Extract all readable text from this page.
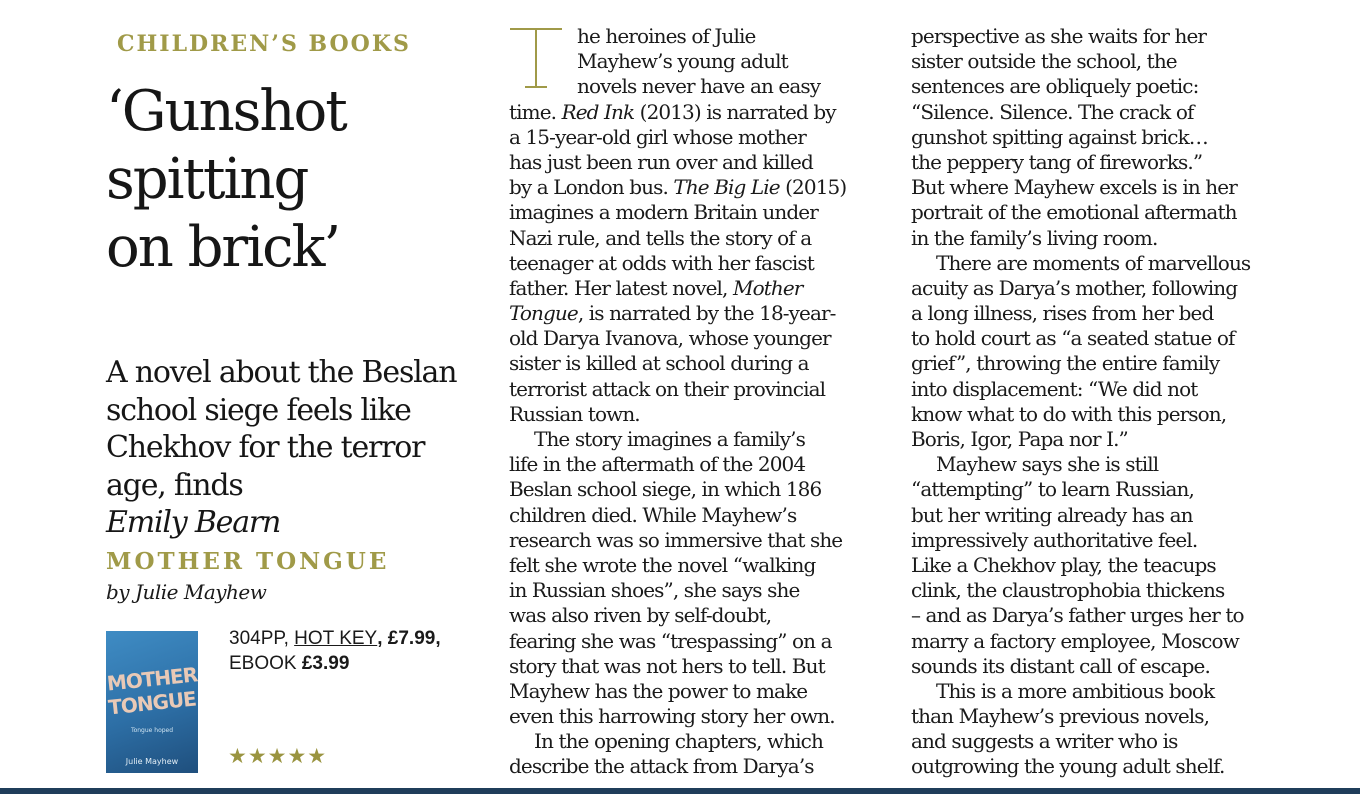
CHILDREN’S BOOKS
‘Gunshot
spitting
on brick’
A novel about the Beslan
school siege feels like
Chekhov for the terror
age, finds
Emily Bearn
MOTHER TONGUE
by Julie Mayhew
MOTHER
TONGUE
Tongue hoped
Julie Mayhew
304PP, HOT KEY, £7.99,
EBOOK £3.99
★★★★★
he heroines of Julie
Mayhew’s young adult
novels never have an easy
time. Red Ink (2013) is narrated by
a 15-year-old girl whose mother
has just been run over and killed
by a London bus. The Big Lie (2015)
imagines a modern Britain under
Nazi rule, and tells the story of a
teenager at odds with her fascist
father. Her latest novel, Mother
Tongue, is narrated by the 18-year-
old Darya Ivanova, whose younger
sister is killed at school during a
terrorist attack on their provincial
Russian town.
The story imagines a family’s
life in the aftermath of the 2004
Beslan school siege, in which 186
children died. While Mayhew’s
research was so immersive that she
felt she wrote the novel “walking
in Russian shoes”, she says she
was also riven by self-doubt,
fearing she was “trespassing” on a
story that was not hers to tell. But
Mayhew has the power to make
even this harrowing story her own.
In the opening chapters, which
describe the attack from Darya’s
perspective as she waits for her
sister outside the school, the
sentences are obliquely poetic:
“Silence. Silence. The crack of
gunshot spitting against brick…
the peppery tang of fireworks.”
But where Mayhew excels is in her
portrait of the emotional aftermath
in the family’s living room.
There are moments of marvellous
acuity as Darya’s mother, following
a long illness, rises from her bed
to hold court as “a seated statue of
grief”, throwing the entire family
into displacement: “We did not
know what to do with this person,
Boris, Igor, Papa nor I.”
Mayhew says she is still
“attempting” to learn Russian,
but her writing already has an
impressively authoritative feel.
Like a Chekhov play, the teacups
clink, the claustrophobia thickens
– and as Darya’s father urges her to
marry a factory employee, Moscow
sounds its distant call of escape.
This is a more ambitious book
than Mayhew’s previous novels,
and suggests a writer who is
outgrowing the young adult shelf.
